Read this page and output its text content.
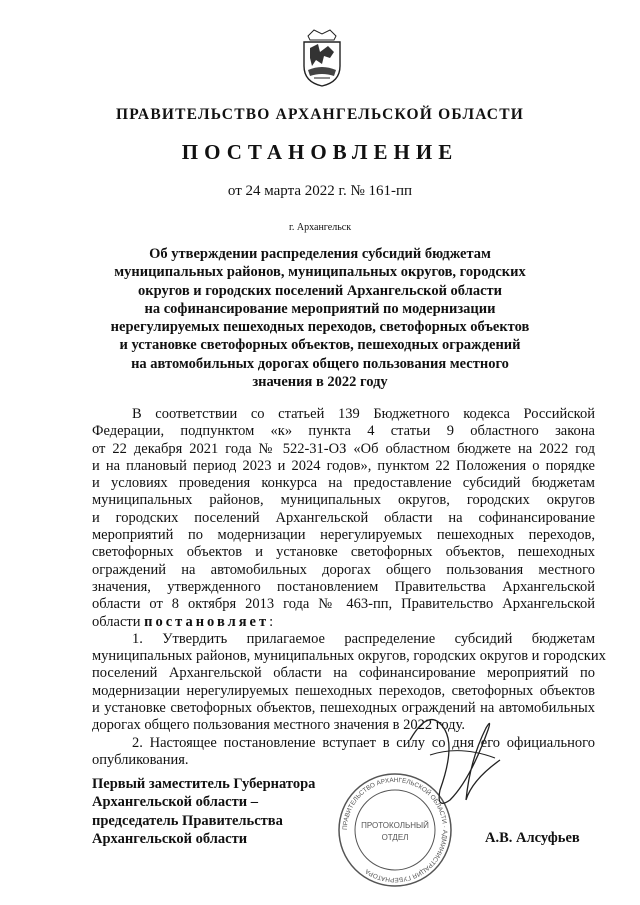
ПРАВИТЕЛЬСТВО АРХАНГЕЛЬСКОЙ ОБЛАСТИ
ПОСТАНОВЛЕНИЕ
от 24 марта 2022 г. № 161-пп
г. Архангельск
Об утверждении распределения субсидий бюджетам
муниципальных районов, муниципальных округов, городских
округов и городских поселений Архангельской области
на софинансирование мероприятий по модернизации
нерегулируемых пешеходных переходов, светофорных объектов
и установке светофорных объектов, пешеходных ограждений
на автомобильных дорогах общего пользования местного
значения в 2022 году
В соответствии со статьей 139 Бюджетного кодекса Российской
Федерации, подпунктом «к» пункта 4 статьи 9 областного закона
от 22 декабря 2021 года № 522-31-ОЗ «Об областном бюджете на 2022 год
и на плановый период 2023 и 2024 годов», пунктом 22 Положения о порядке
и условиях проведения конкурса на предоставление субсидий бюджетам
муниципальных районов, муниципальных округов, городских округов
и городских поселений Архангельской области на софинансирование
мероприятий по модернизации нерегулируемых пешеходных переходов,
светофорных объектов и установке светофорных объектов, пешеходных
ограждений на автомобильных дорогах общего пользования местного
значения, утвержденного постановлением Правительства Архангельской
области от 8 октября 2013 года № 463-пп, Правительство Архангельской
области постановляет:
1. Утвердить прилагаемое распределение субсидий бюджетам
муниципальных районов, муниципальных округов, городских округов и городских
поселений Архангельской области на софинансирование мероприятий по
модернизации нерегулируемых пешеходных переходов, светофорных объектов
и установке светофорных объектов, пешеходных ограждений на автомобильных
дорогах общего пользования местного значения в 2022 году.
2. Настоящее постановление вступает в силу со дня его официального
опубликования.
Первый заместитель Губернатора
Архангельской области –
председатель Правительства
Архангельской области	А.В. Алсуфьев
ПРАВИТЕЛЬСТВО АРХАНГЕЛЬСКОЙ ОБЛАСТИ · АДМИНИСТРАЦИЯ ГУБЕРНАТОРА
ПРОТОКОЛЬНЫЙ
ОТДЕЛ
